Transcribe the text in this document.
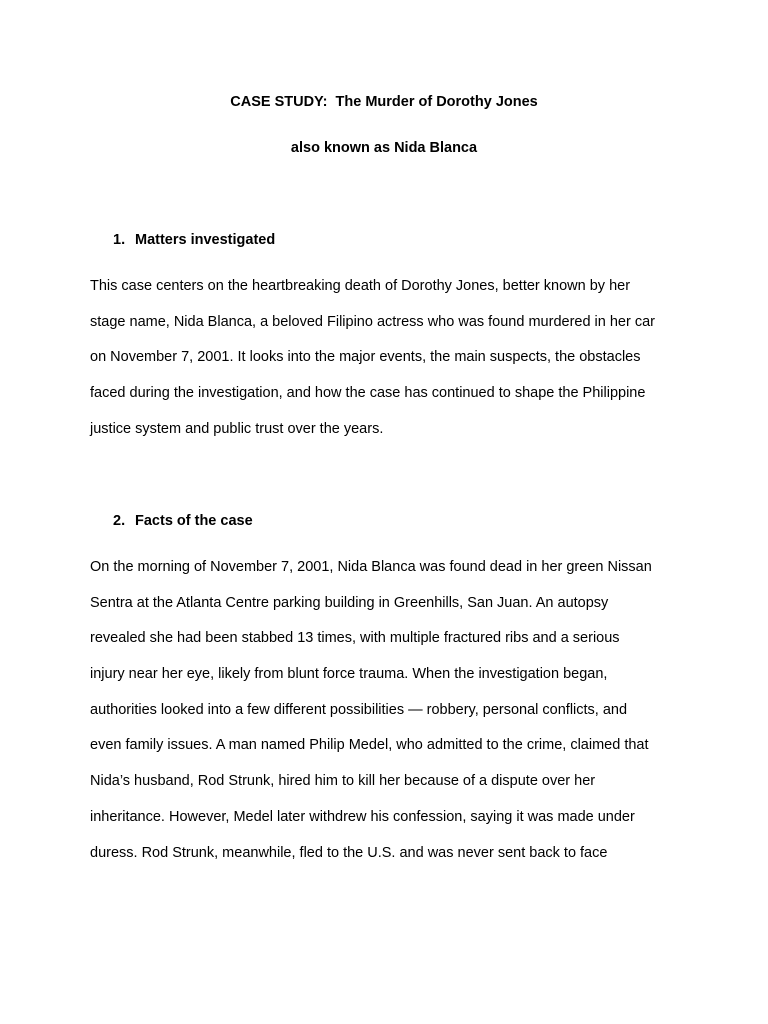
CASE STUDY:  The Murder of Dorothy Jones
also known as Nida Blanca
1. Matters investigated
This case centers on the heartbreaking death of Dorothy Jones, better known by her
stage name, Nida Blanca, a beloved Filipino actress who was found murdered in her car
on November 7, 2001. It looks into the major events, the main suspects, the obstacles
faced during the investigation, and how the case has continued to shape the Philippine
justice system and public trust over the years.
2. Facts of the case
On the morning of November 7, 2001, Nida Blanca was found dead in her green Nissan
Sentra at the Atlanta Centre parking building in Greenhills, San Juan. An autopsy
revealed she had been stabbed 13 times, with multiple fractured ribs and a serious
injury near her eye, likely from blunt force trauma. When the investigation began,
authorities looked into a few different possibilities — robbery, personal conflicts, and
even family issues. A man named Philip Medel, who admitted to the crime, claimed that
Nida’s husband, Rod Strunk, hired him to kill her because of a dispute over her
inheritance. However, Medel later withdrew his confession, saying it was made under
duress. Rod Strunk, meanwhile, fled to the U.S. and was never sent back to face
